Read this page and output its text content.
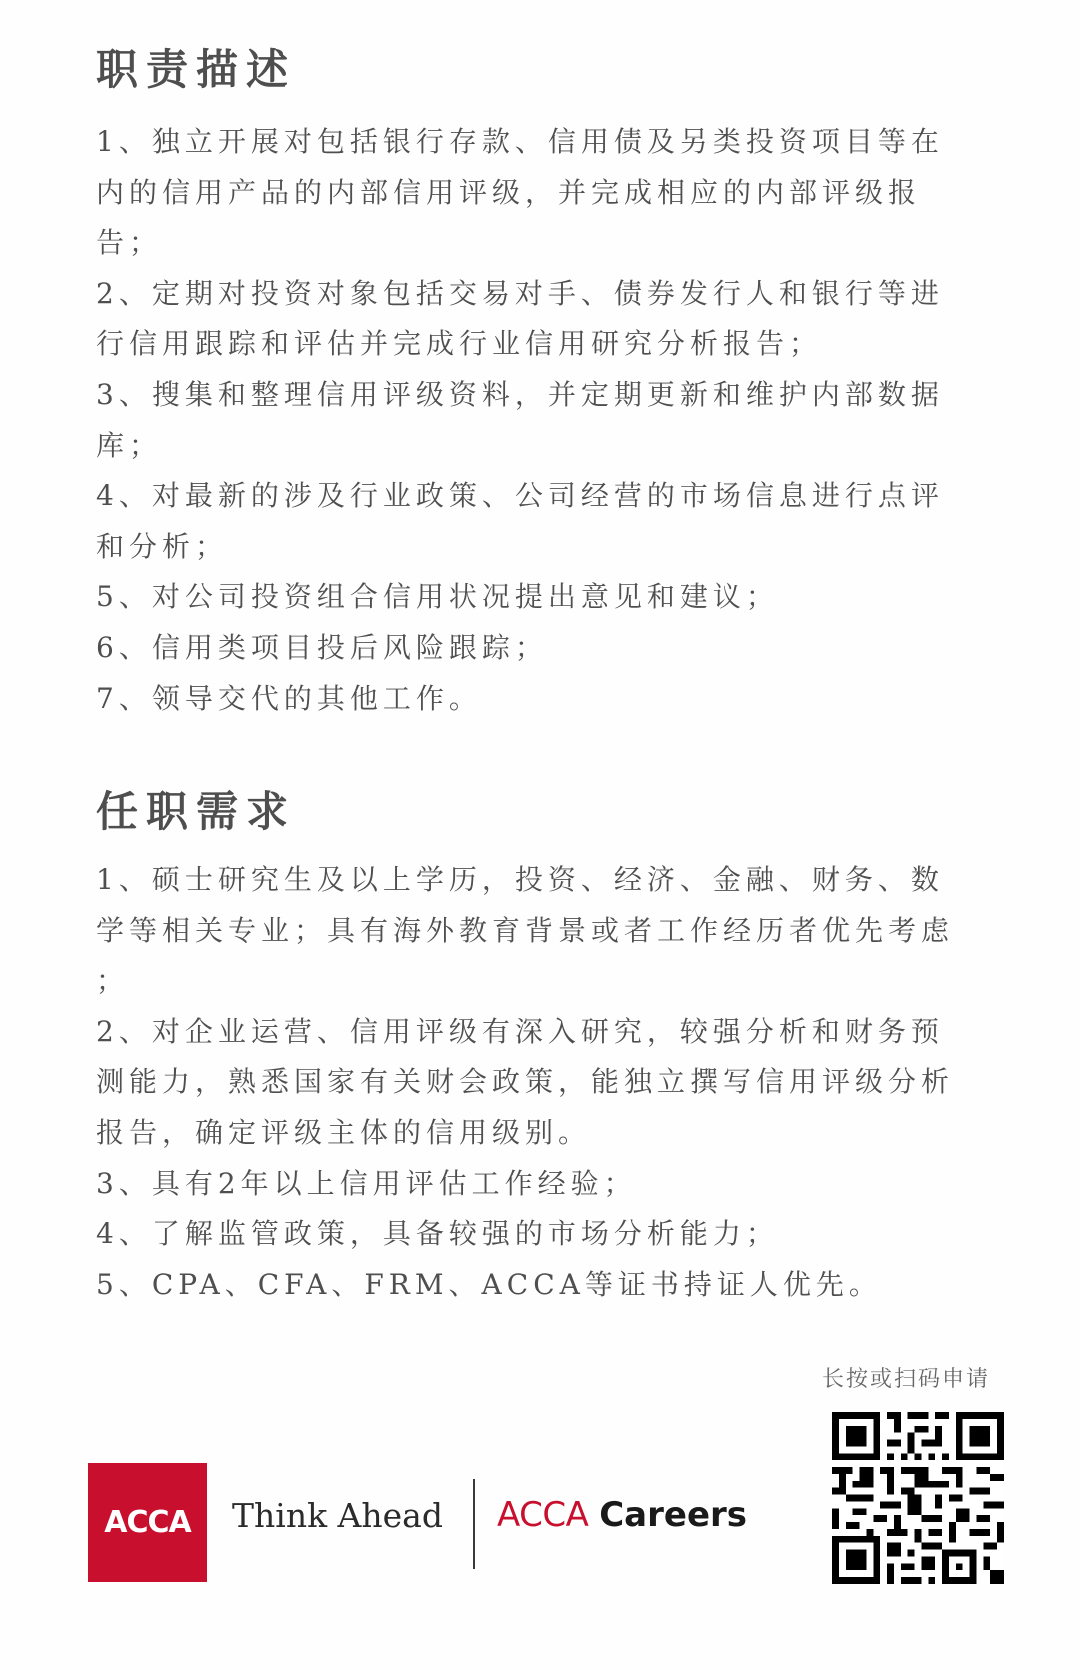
职责描述
1、独立开展对包括银行存款、信用债及另类投资项目等在
内的信用产品的内部信用评级，并完成相应的内部评级报
告；
2、定期对投资对象包括交易对手、债券发行人和银行等进
行信用跟踪和评估并完成行业信用研究分析报告；
3、搜集和整理信用评级资料，并定期更新和维护内部数据
库；
4、对最新的涉及行业政策、公司经营的市场信息进行点评
和分析；
5、对公司投资组合信用状况提出意见和建议；
6、信用类项目投后风险跟踪；
7、领导交代的其他工作。
任职需求
1、硕士研究生及以上学历，投资、经济、金融、财务、数
学等相关专业；具有海外教育背景或者工作经历者优先考虑
；
2、对企业运营、信用评级有深入研究，较强分析和财务预
测能力，熟悉国家有关财会政策，能独立撰写信用评级分析
报告，确定评级主体的信用级别。
3、具有2年以上信用评估工作经验；
4、了解监管政策，具备较强的市场分析能力；
5、CPA、CFA、FRM、ACCA等证书持证人优先。
ACCA Think Ahead ACCA Careers
长按或扫码申请
